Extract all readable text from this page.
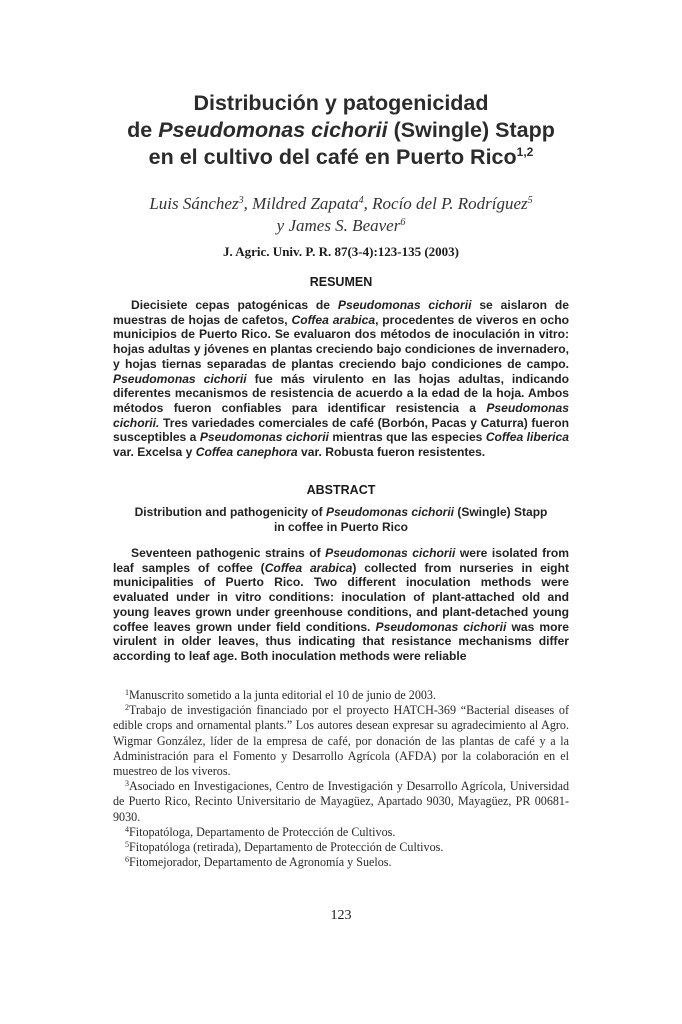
Distribución y patogenicidad
de Pseudomonas cichorii (Swingle) Stapp
en el cultivo del café en Puerto Rico$^{1,2}$
Luis Sánchez$^3$, Mildred Zapata$^4$, Rocío del P. Rodríguez$^5$
y James S. Beaver$^6$
J. Agric. Univ. P. R. 87(3-4):123-135 (2003)
RESUMEN
Diecisiete cepas patogénicas de Pseudomonas cichorii se aislaron de muestras de hojas de cafetos, Coffea arabica, procedentes de viveros en ocho municipios de Puerto Rico. Se evaluaron dos métodos de inoculación in vitro: hojas adultas y jóvenes en plantas creciendo bajo condiciones de invernadero, y hojas tiernas separadas de plantas creciendo bajo condiciones de campo. Pseudomonas cichorii fue más virulento en las hojas adultas, indicando diferentes mecanismos de resistencia de acuerdo a la edad de la hoja. Ambos métodos fueron confiables para identificar resistencia a Pseudomonas cichorii. Tres variedades comerciales de café (Borbón, Pacas y Caturra) fueron susceptibles a Pseudomonas cichorii mientras que las especies Coffea liberica var. Excelsa y Coffea canephora var. Robusta fueron resistentes.
ABSTRACT
Distribution and pathogenicity of Pseudomonas cichorii (Swingle) Stapp
in coffee in Puerto Rico
Seventeen pathogenic strains of Pseudomonas cichorii were isolated from leaf samples of coffee (Coffea arabica) collected from nurseries in eight municipalities of Puerto Rico. Two different inoculation methods were evaluated under in vitro conditions: inoculation of plant-attached old and young leaves grown under greenhouse conditions, and plant-detached young coffee leaves grown under field conditions. Pseudomonas cichorii was more virulent in older leaves, thus indicating that resistance mechanisms differ according to leaf age. Both inoculation methods were reliable

$^1$Manuscrito sometido a la junta editorial el 10 de junio de 2003.

$^2$Trabajo de investigación financiado por el proyecto HATCH-369 “Bacterial diseases of edible crops and ornamental plants.” Los autores desean expresar su agradecimiento al Agro. Wigmar González, líder de la empresa de café, por donación de las plantas de café y a la Administración para el Fomento y Desarrollo Agrícola (AFDA) por la colaboración en el muestreo de los viveros.

$^3$Asociado en Investigaciones, Centro de Investigación y Desarrollo Agrícola, Universidad de Puerto Rico, Recinto Universitario de Mayagüez, Apartado 9030, Mayagüez, PR 00681-9030.

$^4$Fitopatóloga, Departamento de Protección de Cultivos.

$^5$Fitopatóloga (retirada), Departamento de Protección de Cultivos.

$^6$Fitomejorador, Departamento de Agronomía y Suelos.

123
